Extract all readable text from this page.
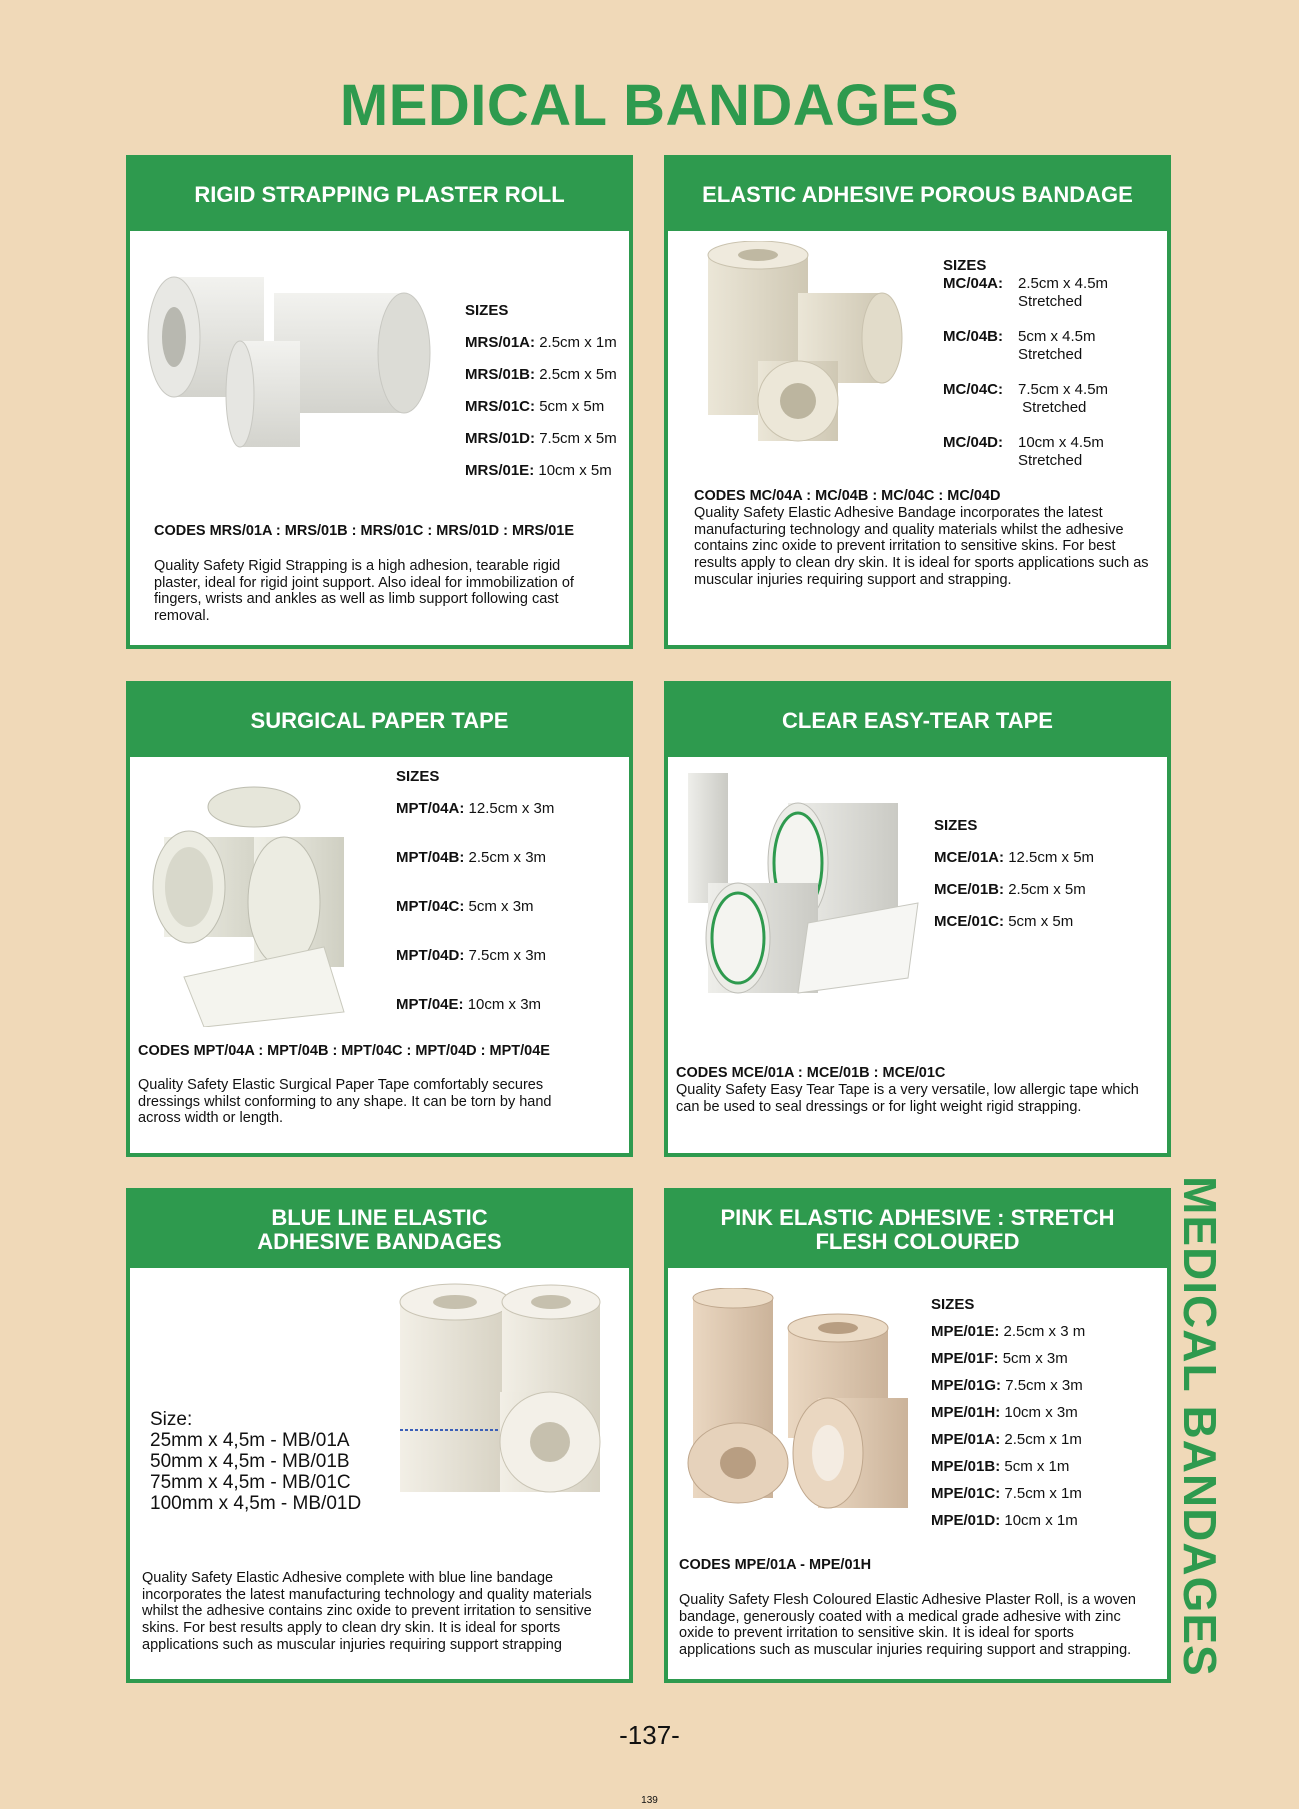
MEDICAL BANDAGES
MEDICAL BANDAGES
RIGID STRAPPING PLASTER ROLL
SIZES
MRS/01A: 2.5cm x 1m
MRS/01B: 2.5cm x 5m
MRS/01C: 5cm x 5m
MRS/01D: 7.5cm x 5m
MRS/01E: 10cm x 5m
CODES MRS/01A : MRS/01B : MRS/01C : MRS/01D : MRS/01E
Quality Safety Rigid Strapping is a high adhesion, tearable rigid plaster, ideal for rigid joint support. Also ideal for immobilization of fingers, wrists and ankles as well as limb support following cast removal.
ELASTIC ADHESIVE POROUS BANDAGE
SIZES
MC/04A: 2.5cm x 4.5m
Stretched
MC/04B: 5cm x 4.5m
Stretched
MC/04C: 7.5cm x 4.5m
Stretched
MC/04D: 10cm x 4.5m
Stretched
CODES MC/04A : MC/04B : MC/04C : MC/04D
Quality Safety Elastic Adhesive Bandage incorporates the latest manufacturing technology and quality materials whilst the adhesive contains zinc oxide to prevent irritation to sensitive skins. For best results apply to clean dry skin. It is ideal for sports applications such as muscular injuries requiring support and strapping.
SURGICAL PAPER TAPE
SIZES
MPT/04A: 12.5cm x 3m
MPT/04B: 2.5cm x 3m
MPT/04C: 5cm x 3m
MPT/04D: 7.5cm x 3m
MPT/04E: 10cm x 3m
CODES MPT/04A : MPT/04B : MPT/04C : MPT/04D : MPT/04E
Quality Safety Elastic Surgical Paper Tape comfortably secures dressings whilst conforming to any shape. It can be torn by hand across width or length.
CLEAR EASY-TEAR TAPE
SIZES
MCE/01A: 12.5cm x 5m
MCE/01B: 2.5cm x 5m
MCE/01C: 5cm x 5m
CODES MCE/01A : MCE/01B : MCE/01C
Quality Safety Easy Tear Tape is a very versatile, low allergic tape which can be used to seal dressings or for light weight rigid strapping.
BLUE LINE ELASTIC
ADHESIVE BANDAGES
Size:
25mm x 4,5m - MB/01A
50mm x 4,5m - MB/01B
75mm x 4,5m - MB/01C
100mm x 4,5m - MB/01D
Quality Safety Elastic Adhesive complete with blue line bandage incorporates the latest manufacturing technology and quality materials whilst the adhesive contains zinc oxide to prevent irritation to sensitive skins. For best results apply to clean dry skin. It is ideal for sports applications such as muscular injuries requiring support strapping
PINK ELASTIC ADHESIVE : STRETCH
FLESH COLOURED
SIZES
MPE/01E: 2.5cm x 3 m
MPE/01F: 5cm x 3m
MPE/01G: 7.5cm x 3m
MPE/01H: 10cm x 3m
MPE/01A: 2.5cm x 1m
MPE/01B: 5cm x 1m
MPE/01C: 7.5cm x 1m
MPE/01D: 10cm x 1m
CODES MPE/01A - MPE/01H
Quality Safety Flesh Coloured Elastic Adhesive Plaster Roll, is a woven bandage, generously coated with a medical grade adhesive with zinc oxide to prevent irritation to sensitive skin. It is ideal for sports applications such as muscular injuries requiring support and strapping.
-137-
139
